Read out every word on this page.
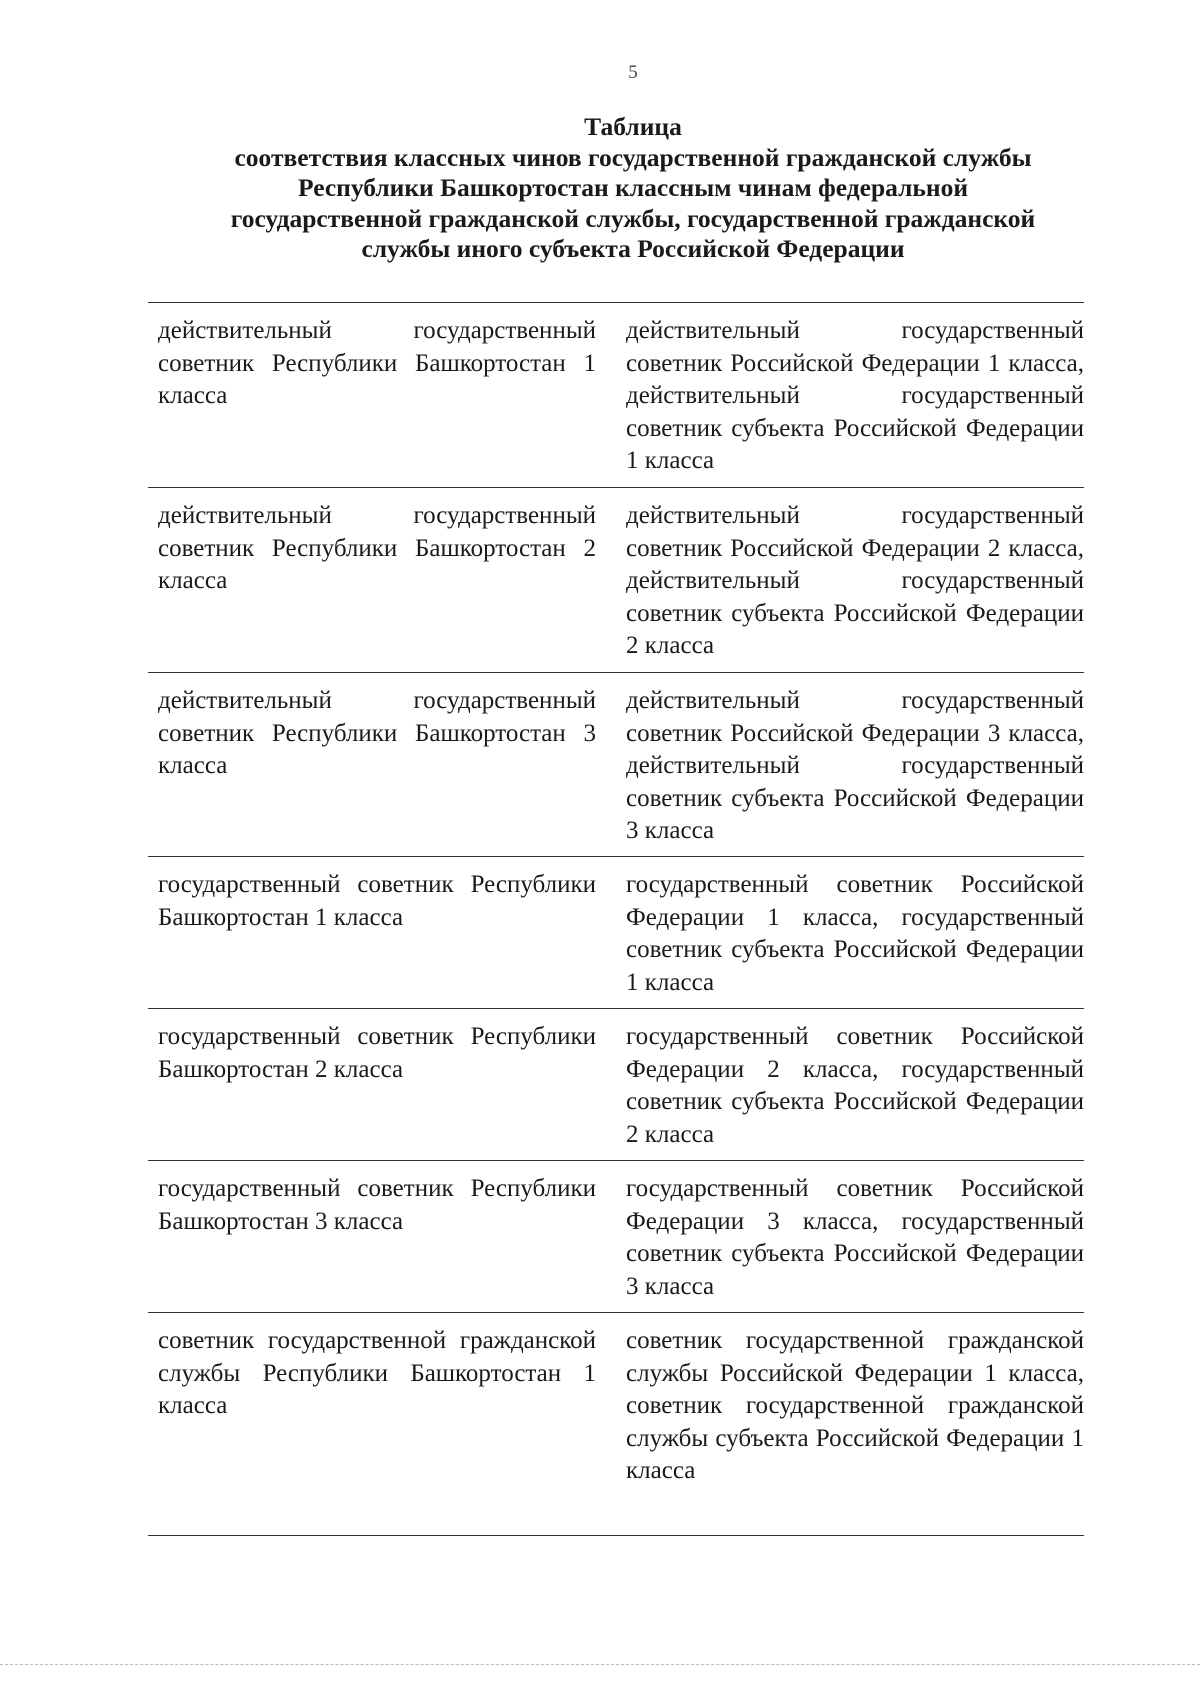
5
Таблица
соответствия классных чинов государственной гражданской службы
Республики Башкортостан классным чинам федеральной
государственной гражданской службы, государственной гражданской
службы иного субъекта Российской Федерации
действительный государственный советник Республики Башкортостан 1 класса
действительный государственный советник Российской Федерации 1 класса, действительный государственный советник субъекта Российской Федерации 1 класса
действительный государственный советник Республики Башкортостан 2 класса
действительный государственный советник Российской Федерации 2 класса, действительный государственный советник субъекта Российской Федерации 2 класса
действительный государственный советник Республики Башкортостан 3 класса
действительный государственный советник Российской Федерации 3 класса, действительный государственный советник субъекта Российской Федерации 3 класса
государственный советник Республики Башкортостан 1 класса
государственный советник Российской Федерации 1 класса, государственный советник субъекта Российской Федерации 1 класса
государственный советник Республики Башкортостан 2 класса
государственный советник Российской Федерации 2 класса, государственный советник субъекта Российской Федерации 2 класса
государственный советник Республики Башкортостан 3 класса
государственный советник Российской Федерации 3 класса, государственный советник субъекта Российской Федерации 3 класса
советник государственной гражданской службы Республики Башкортостан 1 класса
советник государственной гражданской службы Российской Федерации 1 класса, советник государственной гражданской службы субъекта Российской Федерации 1 класса
